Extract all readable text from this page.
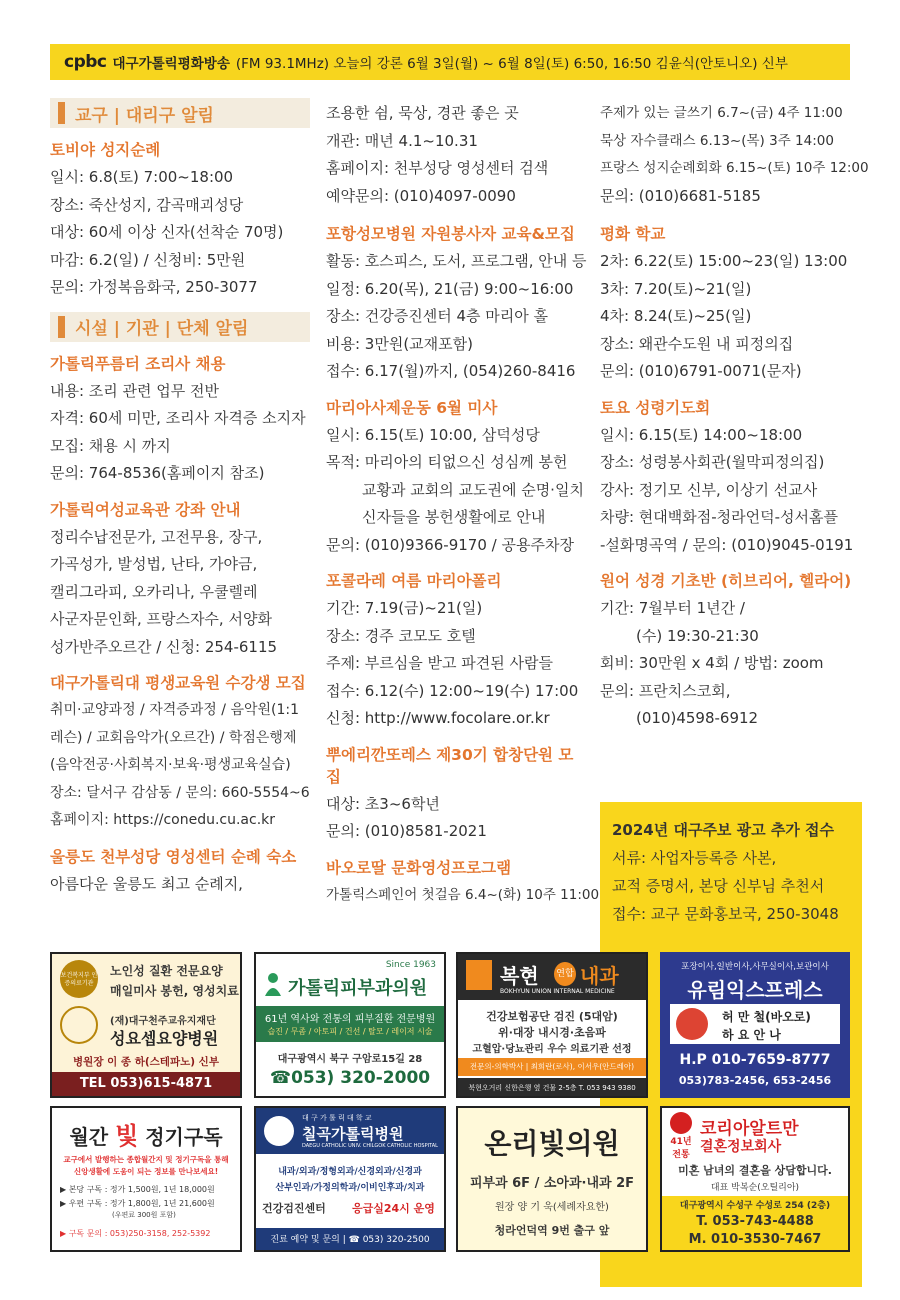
cpbc 대구가톨릭평화방송 (FM 93.1MHz) 오늘의 강론 6월 3일(월) ~ 6월 8일(토) 6:50, 16:50 김윤식(안토니오) 신부
교구 | 대리구 알림
토비야 성지순례
일시: 6.8(토) 7:00~18:00
장소: 죽산성지, 감곡매괴성당
대상: 60세 이상 신자(선착순 70명)
마감: 6.2(일) / 신청비: 5만원
문의: 가정복음화국, 250-3077
시설 | 기관 | 단체 알림
가톨릭푸름터 조리사 채용
내용: 조리 관련 업무 전반
자격: 60세 미만, 조리사 자격증 소지자
모집: 채용 시 까지
문의: 764-8536(홈페이지 참조)
가톨릭여성교육관 강좌 안내
정리수납전문가, 고전무용, 장구,
가곡성가, 발성법, 난타, 가야금,
캘리그라피, 오카리나, 우쿨렐레
사군자문인화, 프랑스자수, 서양화
성가반주오르간 / 신청: 254-6115
대구가톨릭대 평생교육원 수강생 모집
취미·교양과정 / 자격증과정 / 음악원(1:1
레슨) / 교회음악가(오르간) / 학점은행제
(음악전공·사회복지·보육·평생교육실습)
장소: 달서구 감삼동 / 문의: 660-5554~6
홈페이지: https://conedu.cu.ac.kr
울릉도 천부성당 영성센터 순례 숙소
아름다운 울릉도 최고 순례지,
조용한 쉼, 묵상, 경관 좋은 곳
개관: 매년 4.1~10.31
홈페이지: 천부성당 영성센터 검색
예약문의: (010)4097-0090
포항성모병원 자원봉사자 교육&모집
활동: 호스피스, 도서, 프로그램, 안내 등
일정: 6.20(목), 21(금) 9:00~16:00
장소: 건강증진센터 4층 마리아 홀
비용: 3만원(교재포함)
접수: 6.17(월)까지, (054)260-8416
마리아사제운동 6월 미사
일시: 6.15(토) 10:00, 삼덕성당
목적: 마리아의 티없으신 성심께 봉헌
교황과 교회의 교도권에 순명·일치
신자들을 봉헌생활에로 안내
문의: (010)9366-9170 / 공용주차장
포콜라레 여름 마리아폴리
기간: 7.19(금)~21(일)
장소: 경주 코모도 호텔
주제: 부르심을 받고 파견된 사람들
접수: 6.12(수) 12:00~19(수) 17:00
신청: http://www.focolare.or.kr
뿌에리깐또레스 제30기 합창단원 모집
대상: 초3~6학년
문의: (010)8581-2021
바오로딸 문화영성프로그램
가톨릭스페인어 첫걸음 6.4~(화) 10주 11:00
주제가 있는 글쓰기 6.7~(금) 4주 11:00
묵상 자수클래스 6.13~(목) 3주 14:00
프랑스 성지순례회화 6.15~(토) 10주 12:00
문의: (010)6681-5185
평화 학교
2차: 6.22(토) 15:00~23(일) 13:00
3차: 7.20(토)~21(일)
4차: 8.24(토)~25(일)
장소: 왜관수도원 내 피정의집
문의: (010)6791-0071(문자)
토요 성령기도회
일시: 6.15(토) 14:00~18:00
장소: 성령봉사회관(월막피정의집)
강사: 정기모 신부, 이상기 선교사
차량: 현대백화점-청라언덕-성서홈플
-설화명곡역 / 문의: (010)9045-0191
원어 성경 기초반 (히브리어, 헬라어)
기간: 7월부터 1년간 /
(수) 19:30-21:30
회비: 30만원 x 4회 / 방법: zoom
문의: 프란치스코회,
(010)4598-6912
2024년 대구주보 광고 추가 접수
서류: 사업자등록증 사본,
교적 증명서, 본당 신부님 추천서
접수: 교구 문화홍보국, 250-3048
보건복지부 인증의료기관
노인성 질환 전문요양
매일미사 봉헌, 영성치료
(재)대구천주교유지재단
성요셉요양병원
병원장 이 종 하(스테파노) 신부
TEL 053)615-4871
Since 1963
가톨릭피부과의원
61년 역사와 전통의 피부질환 전문병원
습진 / 무좀 / 아토피 / 건선 / 탈모 / 레이저 시술
대구광역시 북구 구암로15길 28
☎053) 320-2000
복현 연합 내과
BOKHYUN UNION INTERNAL MEDICINE
건강보험공단 검진 (5대암)
위·대장 내시경·초음파
고혈압·당뇨관리 우수 의료기관 선정
전문의-의학박사 | 최희란(로사), 이서우(안드레아)
북현오거리 신한은행 옆 건물 2-5층 T. 053 943 9380
포장이사,일반이사,사무실이사,보관이사
유림익스프레스
허 만 철(바오로)
하 요 안 나
H.P 010-7659-8777
053)783-2456, 653-2456
월간 빛 정기구독
교구에서 발행하는 종합월간지 및 정기구독을 통해
신앙생활에 도움이 되는 정보를 만나보세요!
▶ 본당 구독 : 정가 1,500원, 1년 18,000원
▶ 우편 구독 : 정가 1,800원, 1년 21,600원
(우편료 300원 포함)
▶ 구독 문의 : 053)250-3158, 252-5392
대 구 가 톨 릭 대 학 교
칠곡가톨릭병원
DAEGU CATHOLIC UNIV. CHILGOK CATHOLIC HOSPITAL
내과/외과/정형외과/신경외과/신경과
산부인과/가정의학과/이비인후과/치과
건강검진센터 응급실24시 운영
진료 예약 및 문의 | ☎ 053) 320-2500
온리빛의원
피부과 6F / 소아과·내과 2F
원장 양 기 욱(세례자요한)
청라언덕역 9번 출구 앞
41년
전통
코리아알트만
결혼정보회사
미혼 남녀의 결혼을 상담합니다.
대표 박복순(오틸리아)
대구광역시 수성구 수성로 254 (2층)
T. 053-743-4488
M. 010-3530-7467
